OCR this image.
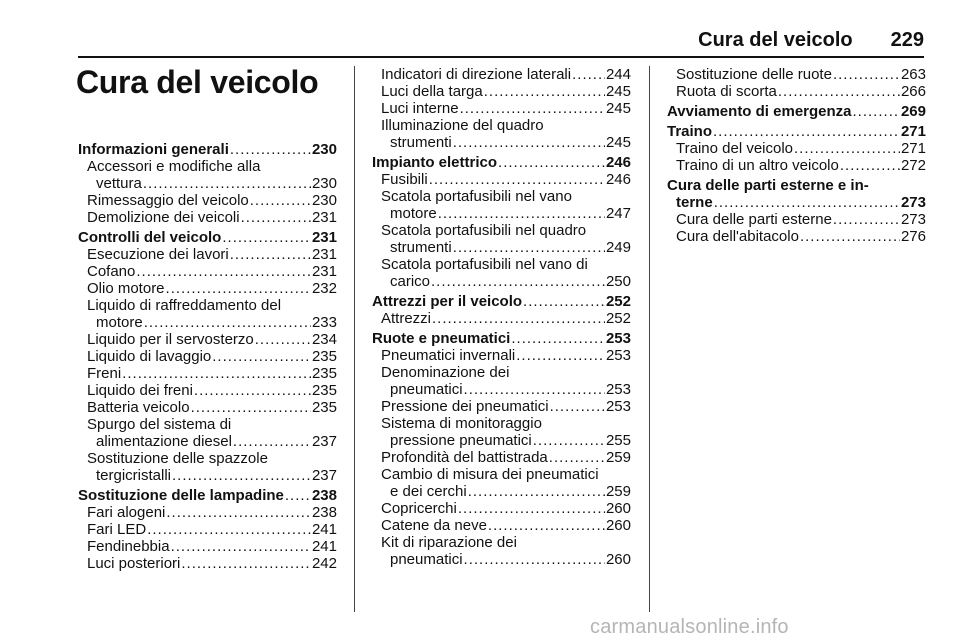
Cura del veicolo 229
Cura del veicolo
Informazioni generali .....	230
Accessori e modifiche alla
vettura .....	230
Rimessaggio del veicolo .....	230
Demolizione dei veicoli .....	231
Controlli del veicolo .....	231
Esecuzione dei lavori .....	231
Cofano .....	231
Olio motore .....	232
Liquido di raffreddamento del
motore .....	233
Liquido per il servosterzo .....	234
Liquido di lavaggio .....	235
Freni .....	235
Liquido dei freni .....	235
Batteria veicolo .....	235
Spurgo del sistema di
alimentazione diesel .....	237
Sostituzione delle spazzole
tergicristalli .....	237
Sostituzione delle lampadine ..... 238
Fari alogeni .....	238
Fari LED .....	241
Fendinebbia .....	241
Luci posteriori .....	242
Indicatori di direzione laterali ..... 244
Luci della targa .....	245
Luci interne .....	245
Illuminazione del quadro
strumenti .....	245
Impianto elettrico .....	246
Fusibili .....	246
Scatola portafusibili nel vano
motore .....	247
Scatola portafusibili nel quadro
strumenti .....	249
Scatola portafusibili nel vano di
carico .....	250
Attrezzi per il veicolo .....	252
Attrezzi .....	252
Ruote e pneumatici .....	253
Pneumatici invernali .....	253
Denominazione dei
pneumatici .....	253
Pressione dei pneumatici .....	253
Sistema di monitoraggio
pressione pneumatici .....	255
Profondità del battistrada .....	259
Cambio di misura dei pneumatici
e dei cerchi .....	259
Copricerchi .....	260
Catene da neve .....	260
Kit di riparazione dei
pneumatici .....	260
Sostituzione delle ruote .....	263
Ruota di scorta .....	266
Avviamento di emergenza .....	269
Traino .....	271
Traino del veicolo .....	271
Traino di un altro veicolo .....	272
Cura delle parti esterne e in-
terne .....	273
Cura delle parti esterne .....	273
Cura dell'abitacolo .....	276
carmanualsonline.info
